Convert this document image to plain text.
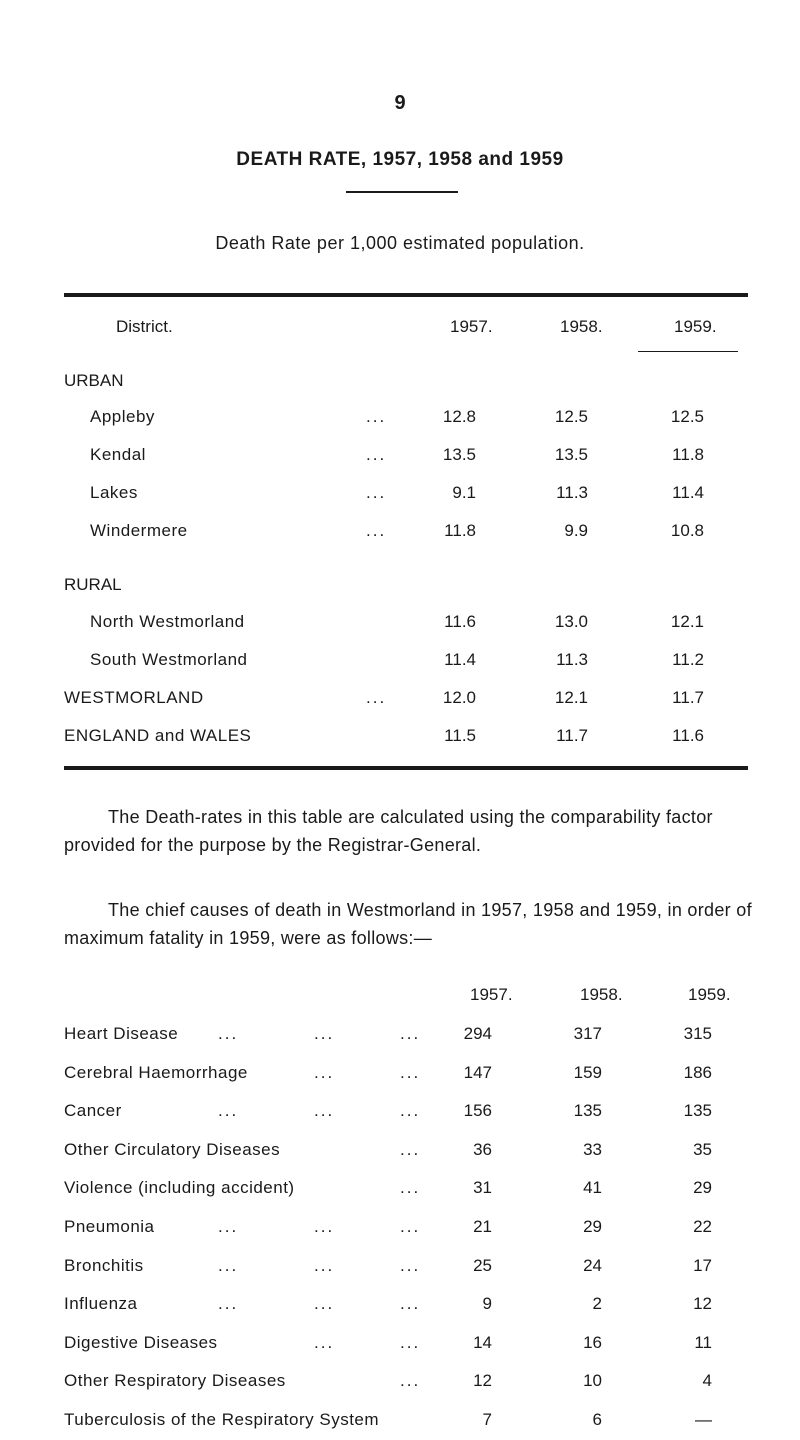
9
DEATH RATE, 1957, 1958 and 1959
Death Rate per 1,000 estimated population.
District.	1957.	1958.	1959.
URBAN
Appleby	...	12.8	12.5	12.5
Kendal	...	13.5	13.5	11.8
Lakes	...	9.1	11.3	11.4
Windermere	...	11.8	9.9	10.8
RURAL
North Westmorland	11.6	13.0	12.1
South Westmorland	11.4	11.3	11.2
WESTMORLAND	...	12.0	12.1	11.7
ENGLAND and WALES	11.5	11.7	11.6
The Death-rates in this table are calculated using the comparability factor provided for the purpose by the Registrar-General.
The chief causes of death in Westmorland in 1957, 1958 and 1959, in order of maximum fatality in 1959, were as follows:—
1957.	1958.	1959.
Heart Disease ...	...	...	294	317	315
Cerebral Haemorrhage	...	...	147	159	186
Cancer	...	...	...	156	135	135
Other Circulatory Diseases	...	36	33	35
Violence (including accident)	...	31	41	29
Pneumonia	...	...	...	21	29	22
Bronchitis	...	...	...	25	24	17
Influenza	...	...	...	9	2	12
Digestive Diseases	...	...	14	16	11
Other Respiratory Diseases	...	12	10	4
Tuberculosis of the Respiratory System	7	6	—
